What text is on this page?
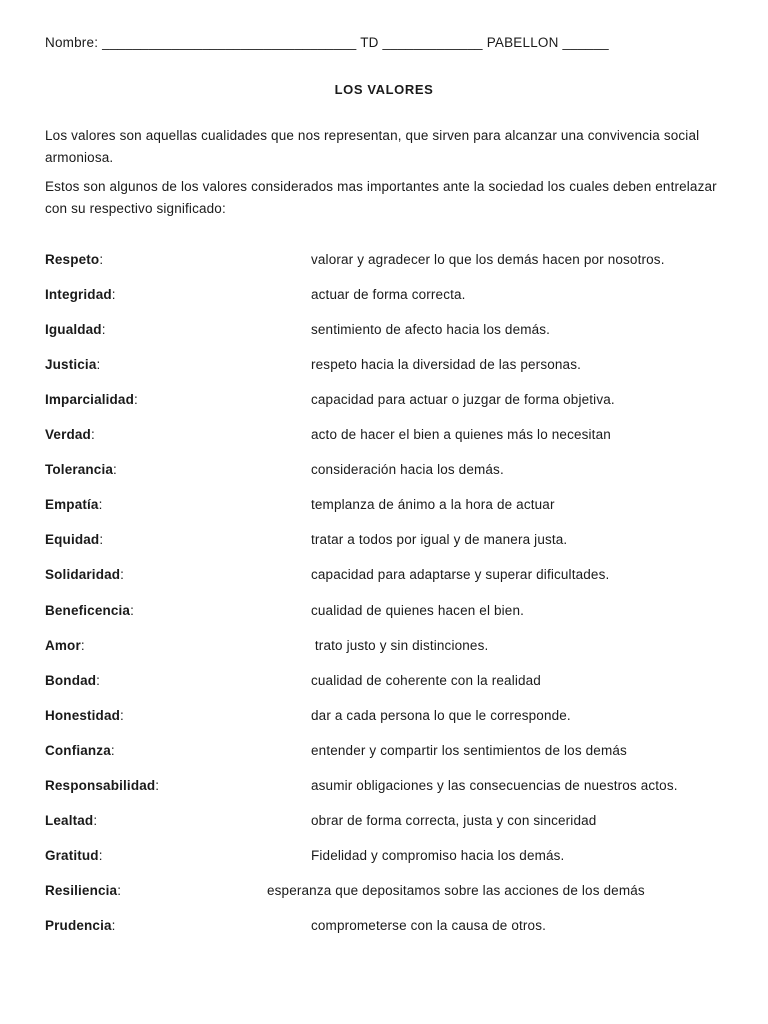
Nombre: _________________________________ TD _____________ PABELLON ______
LOS VALORES
Los valores son aquellas cualidades que nos representan, que sirven para alcanzar una convivencia social armoniosa.
Estos son algunos de los valores considerados mas importantes ante la sociedad los cuales deben entrelazar con su respectivo significado:
Respeto:	valorar y agradecer lo que los demás hacen por nosotros.
Integridad:	actuar de forma correcta.
Igualdad:	sentimiento de afecto hacia los demás.
Justicia:	respeto hacia la diversidad de las personas.
Imparcialidad:	capacidad para actuar o juzgar de forma objetiva.
Verdad:	acto de hacer el bien a quienes más lo necesitan
Tolerancia:	consideración hacia los demás.
Empatía:	templanza de ánimo a la hora de actuar
Equidad:	tratar a todos por igual y de manera justa.
Solidaridad:	capacidad para adaptarse y superar dificultades.
Beneficencia:	cualidad de quienes hacen el bien.
Amor:	trato justo y sin distinciones.
Bondad:	cualidad de coherente con la realidad
Honestidad:	dar a cada persona lo que le corresponde.
Confianza:	entender y compartir los sentimientos de los demás
Responsabilidad:	asumir obligaciones y las consecuencias de nuestros actos.
Lealtad:	obrar de forma correcta, justa y con sinceridad
Gratitud:	Fidelidad y compromiso hacia los demás.
Resiliencia:	esperanza que depositamos sobre las acciones de los demás
Prudencia:	comprometerse con la causa de otros.
